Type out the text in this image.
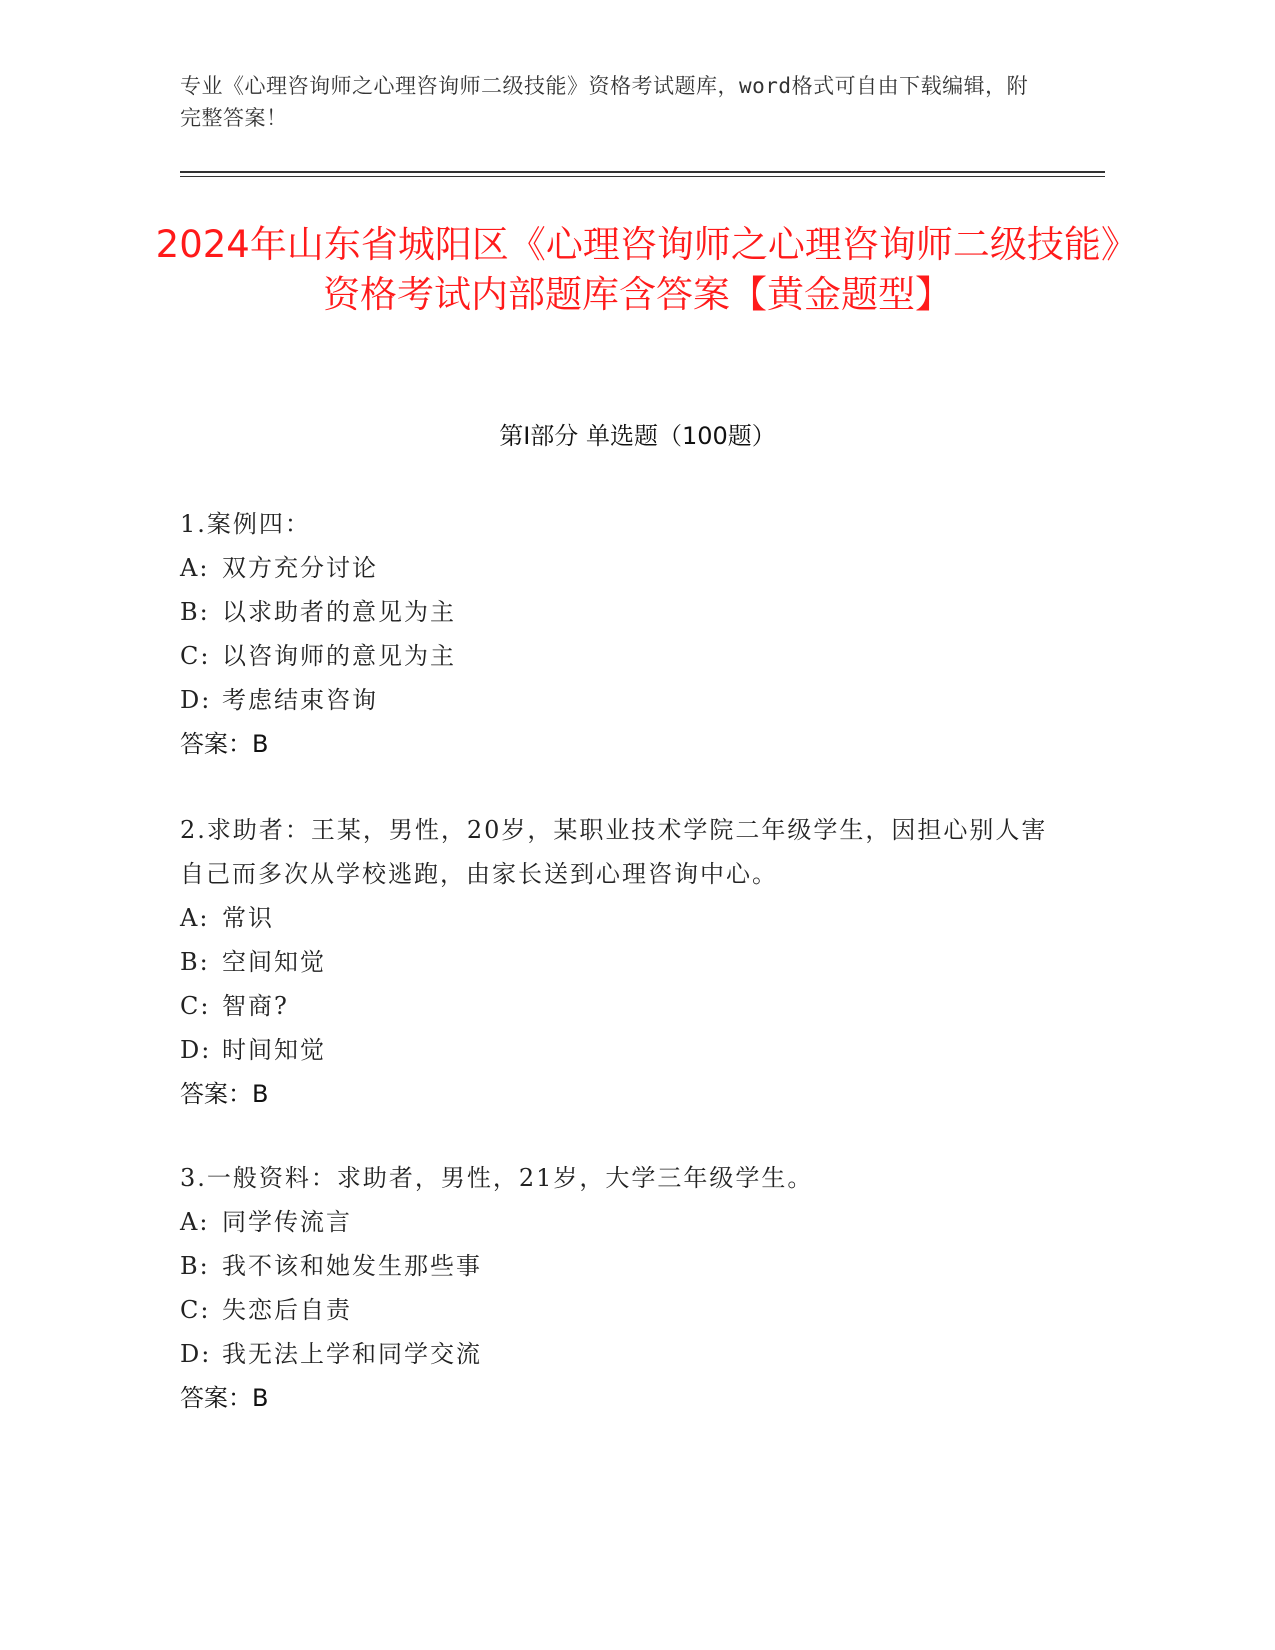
专业《心理咨询师之心理咨询师二级技能》资格考试题库，word格式可自由下载编辑，附完整答案！
2024年山东省城阳区《心理咨询师之心理咨询师二级技能》资格考试内部题库含答案【黄金题型】
第Ⅰ部分 单选题（100题）
1.案例四：
A: 双方充分讨论
B: 以求助者的意见为主
C: 以咨询师的意见为主
D: 考虑结束咨询
答案：B
2.求助者：王某，男性，20岁，某职业技术学院二年级学生，因担心别人害自己而多次从学校逃跑，由家长送到心理咨询中心。
A: 常识
B: 空间知觉
C: 智商?
D: 时间知觉
答案：B
3.一般资料：求助者，男性，21岁，大学三年级学生。
A: 同学传流言
B: 我不该和她发生那些事
C: 失恋后自责
D: 我无法上学和同学交流
答案：B
